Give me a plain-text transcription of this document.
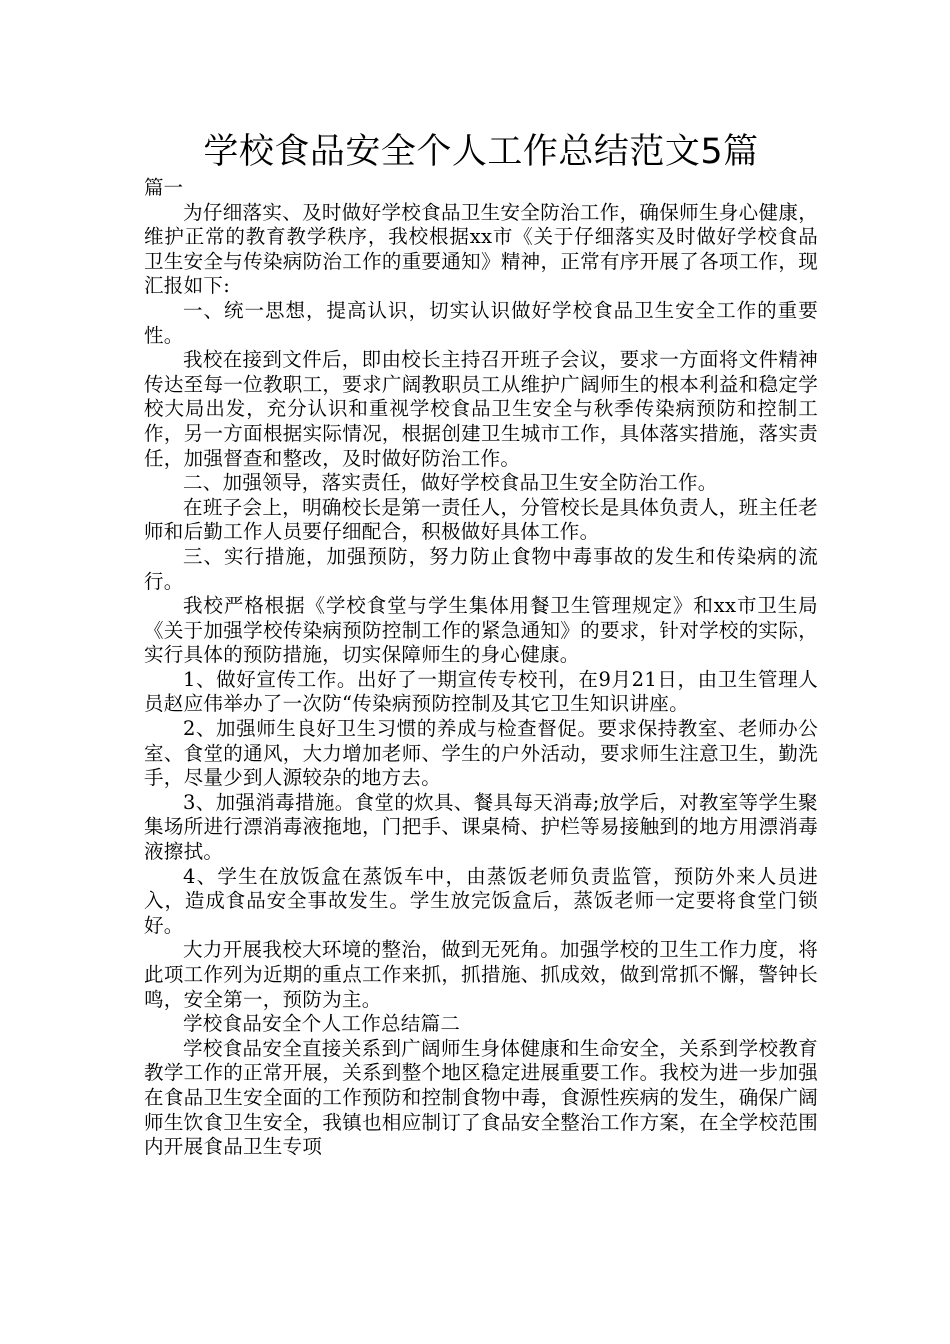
学校食品安全个人工作总结范文5篇

篇一

为仔细落实、及时做好学校食品卫生安全防治工作，确保师生身心健康，维护正常的教育教学秩序，我校根据xx市《关于仔细落实及时做好学校食品卫生安全与传染病防治工作的重要通知》精神，正常有序开展了各项工作，现汇报如下:

一、统一思想，提高认识，切实认识做好学校食品卫生安全工作的重要性。

我校在接到文件后，即由校长主持召开班子会议，要求一方面将文件精神传达至每一位教职工，要求广阔教职员工从维护广阔师生的根本利益和稳定学校大局出发，充分认识和重视学校食品卫生安全与秋季传染病预防和控制工作，另一方面根据实际情况，根据创建卫生城市工作，具体落实措施，落实责任，加强督查和整改，及时做好防治工作。

二、加强领导，落实责任，做好学校食品卫生安全防治工作。

在班子会上，明确校长是第一责任人，分管校长是具体负责人，班主任老师和后勤工作人员要仔细配合，积极做好具体工作。

三、实行措施，加强预防，努力防止食物中毒事故的发生和传染病的流行。

我校严格根据《学校食堂与学生集体用餐卫生管理规定》和xx市卫生局《关于加强学校传染病预防控制工作的紧急通知》的要求，针对学校的实际，实行具体的预防措施，切实保障师生的身心健康。

1、做好宣传工作。出好了一期宣传专校刊，在9月21日，由卫生管理人员赵应伟举办了一次防“传染病预防控制及其它卫生知识讲座。

2、加强师生良好卫生习惯的养成与检查督促。要求保持教室、老师办公室、食堂的通风，大力增加老师、学生的户外活动，要求师生注意卫生，勤洗手，尽量少到人源较杂的地方去。

3、加强消毒措施。食堂的炊具、餐具每天消毒;放学后，对教室等学生聚集场所进行漂消毒液拖地，门把手、课桌椅、护栏等易接触到的地方用漂消毒液擦拭。

4、学生在放饭盒在蒸饭车中，由蒸饭老师负责监管，预防外来人员进入，造成食品安全事故发生。学生放完饭盒后，蒸饭老师一定要将食堂门锁好。

大力开展我校大环境的整治，做到无死角。加强学校的卫生工作力度，将此项工作列为近期的重点工作来抓，抓措施、抓成效，做到常抓不懈，警钟长鸣，安全第一，预防为主。

学校食品安全个人工作总结篇二

学校食品安全直接关系到广阔师生身体健康和生命安全，关系到学校教育教学工作的正常开展，关系到整个地区稳定进展重要工作。我校为进一步加强在食品卫生安全面的工作预防和控制食物中毒，食源性疾病的发生，确保广阔师生饮食卫生安全，我镇也相应制订了食品安全整治工作方案，在全学校范围内开展食品卫生专项
